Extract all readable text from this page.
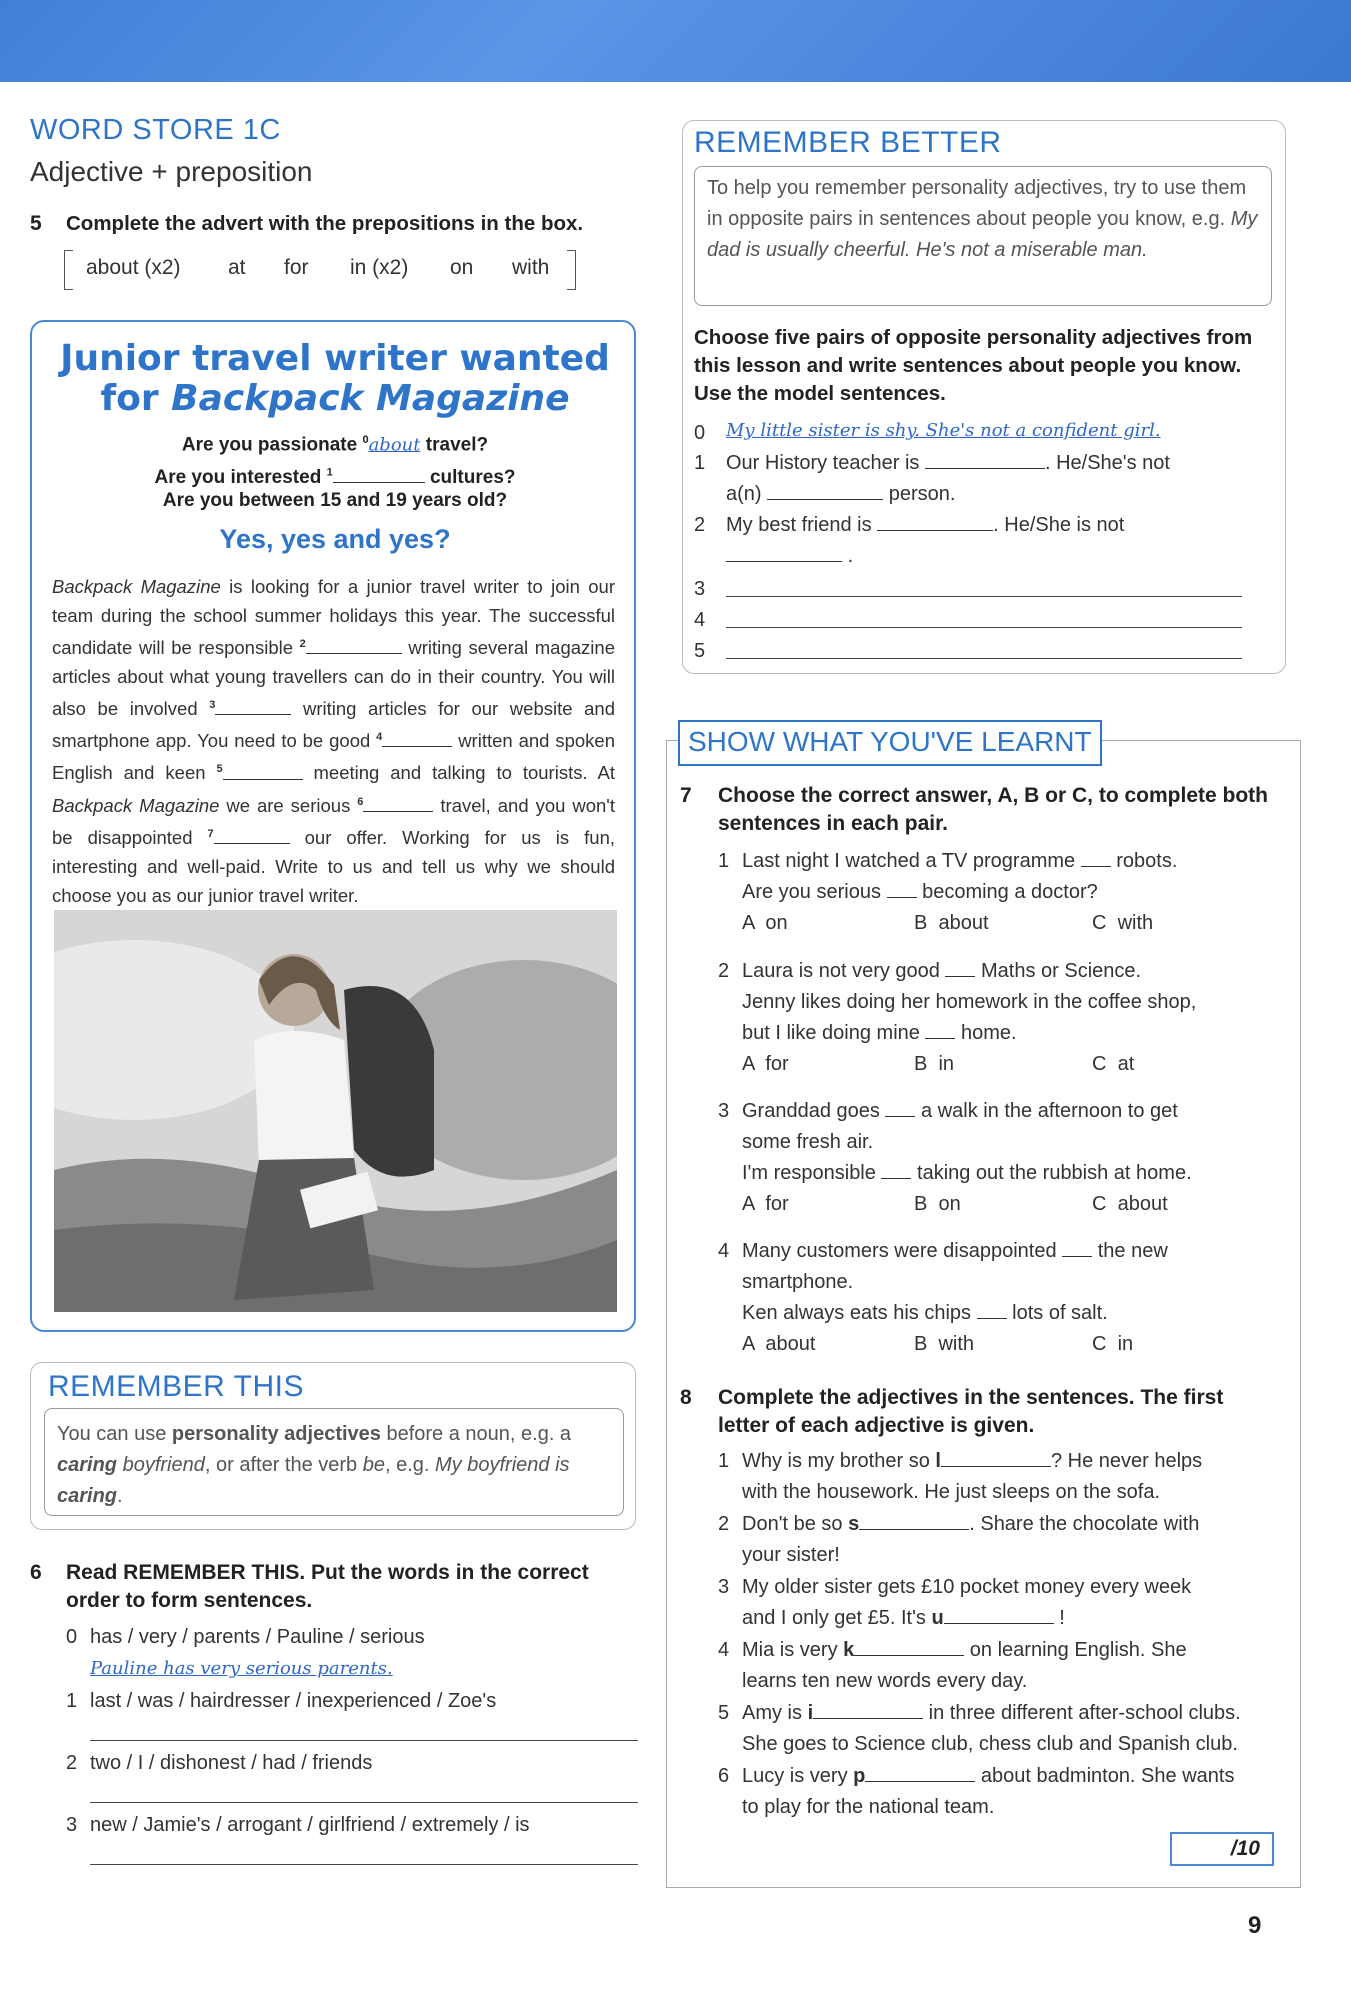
WORD STORE 1C
Adjective + preposition
5 Complete the advert with the prepositions in the box.
about (x2) at for in (x2) on with
Junior travel writer wanted
for Backpack Magazine
Are you passionate $^0$about travel?
Are you interested $^1$	cultures?
Are you between 15 and 19 years old?
Yes, yes and yes?
Backpack Magazine is looking for a junior travel writer to join our team during the school summer holidays this year. The successful candidate will be responsible $^2$	writing several magazine articles about what young travellers can do in their country. You will also be involved $^3$	writing articles for our website and smartphone app. You need to be good $^4$	written and spoken English and keen $^5$	meeting and talking to tourists. At Backpack Magazine we are serious $^6$	travel, and you won't be disappointed $^7$	our offer. Working for us is fun, interesting and well-paid. Write to us and tell us why we should choose you as our junior travel writer.
REMEMBER THIS
You can use personality adjectives before a noun, e.g. a caring boyfriend, or after the verb be, e.g. My boyfriend is caring.
6 Read REMEMBER THIS. Put the words in the correct order to form sentences.
0 has / very / parents / Pauline / serious
Pauline has very serious parents.
1 last / was / hairdresser / inexperienced / Zoe's
2 two / I / dishonest / had / friends
3 new / Jamie's / arrogant / girlfriend / extremely / is
REMEMBER BETTER
To help you remember personality adjectives, try to use them in opposite pairs in sentences about people you know, e.g. My dad is usually cheerful. He's not a miserable man.
Choose five pairs of opposite personality adjectives from this lesson and write sentences about people you know. Use the model sentences.
0 My little sister is shy. She's not a confident girl.
1 Our History teacher is	. He/She's not
a(n)	person.
2 My best friend is	. He/She is not
.
3
4
5
SHOW WHAT YOU'VE LEARNT
7 Choose the correct answer, A, B or C, to complete both sentences in each pair.
1 Last night I watched a TV programme  robots.
Are you serious  becoming a doctor?
A on	B about	C with
2 Laura is not very good  Maths or Science.
Jenny likes doing her homework in the coffee shop,
but I like doing mine  home.
A for	B in	C at
3 Granddad goes  a walk in the afternoon to get
some fresh air.
I'm responsible  taking out the rubbish at home.
A for	B on	C about
4 Many customers were disappointed  the new
smartphone.
Ken always eats his chips  lots of salt.
A about	B with	C in
8 Complete the adjectives in the sentences. The first letter of each adjective is given.
1 Why is my brother so l	? He never helps
with the housework. He just sleeps on the sofa.
2 Don't be so s	. Share the chocolate with
your sister!
3 My older sister gets £10 pocket money every week
and I only get £5. It's u	!
4 Mia is very k	on learning English. She
learns ten new words every day.
5 Amy is i	in three different after-school clubs.
She goes to Science club, chess club and Spanish club.
6 Lucy is very p	about badminton. She wants
to play for the national team.
/10
9
